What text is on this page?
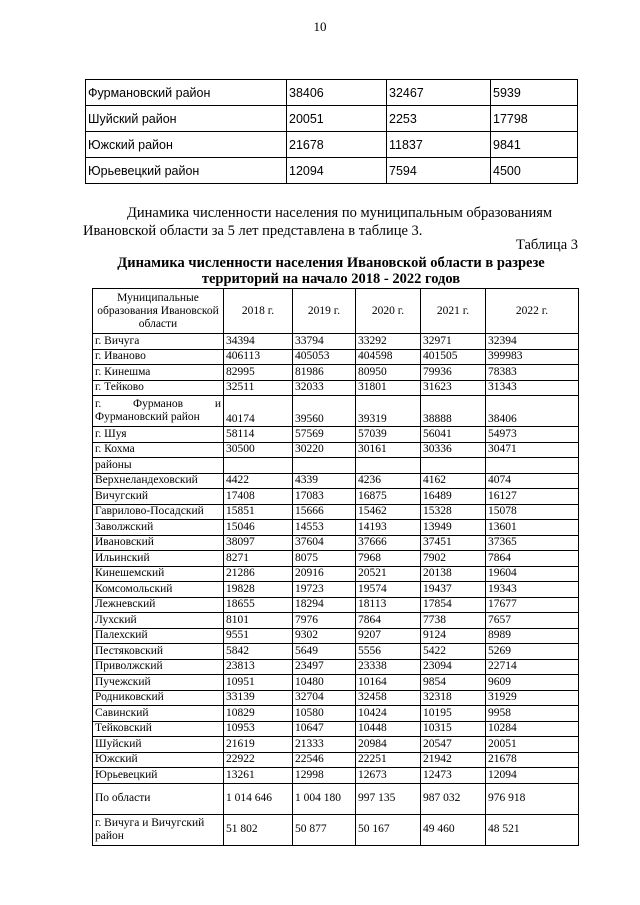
10
Фурмановский район	38406	32467	5939
Шуйский район	20051	2253	17798
Южский район	21678	11837	9841
Юрьевецкий район	12094	7594	4500
Динамика численности населения по муниципальным образованиям Ивановской области за 5 лет представлена в таблице 3.
Таблица 3
Динамика численности населения Ивановской области в разрезе территорий на начало 2018 - 2022 годов
Муниципальные образования Ивановской области	2018 г.	2019 г.	2020 г.	2021 г.	2022 г.
г. Вичуга	34394	33794	33292	32971	32394
г. Иваново	406113	405053	404598	401505	399983
г. Кинешма	82995	81986	80950	79936	78383
г. Тейково	32511	32033	31801	31623	31343
г. Фурманов и Фурмановский район	40174	39560	39319	38888	38406
г. Шуя	58114	57569	57039	56041	54973
г. Кохма	30500	30220	30161	30336	30471
районы					
Верхнеландеховский	4422	4339	4236	4162	4074
Вичугский	17408	17083	16875	16489	16127
Гаврилово-Посадский	15851	15666	15462	15328	15078
Заволжский	15046	14553	14193	13949	13601
Ивановский	38097	37604	37666	37451	37365
Ильинский	8271	8075	7968	7902	7864
Кинешемский	21286	20916	20521	20138	19604
Комсомольский	19828	19723	19574	19437	19343
Лежневский	18655	18294	18113	17854	17677
Лухский	8101	7976	7864	7738	7657
Палехский	9551	9302	9207	9124	8989
Пестяковский	5842	5649	5556	5422	5269
Приволжский	23813	23497	23338	23094	22714
Пучежский	10951	10480	10164	9854	9609
Родниковский	33139	32704	32458	32318	31929
Савинский	10829	10580	10424	10195	9958
Тейковский	10953	10647	10448	10315	10284
Шуйский	21619	21333	20984	20547	20051
Южский	22922	22546	22251	21942	21678
Юрьевецкий	13261	12998	12673	12473	12094
По области	1 014 646	1 004 180	997 135	987 032	976 918
г. Вичуга и Вичугский район	51 802	50 877	50 167	49 460	48 521
